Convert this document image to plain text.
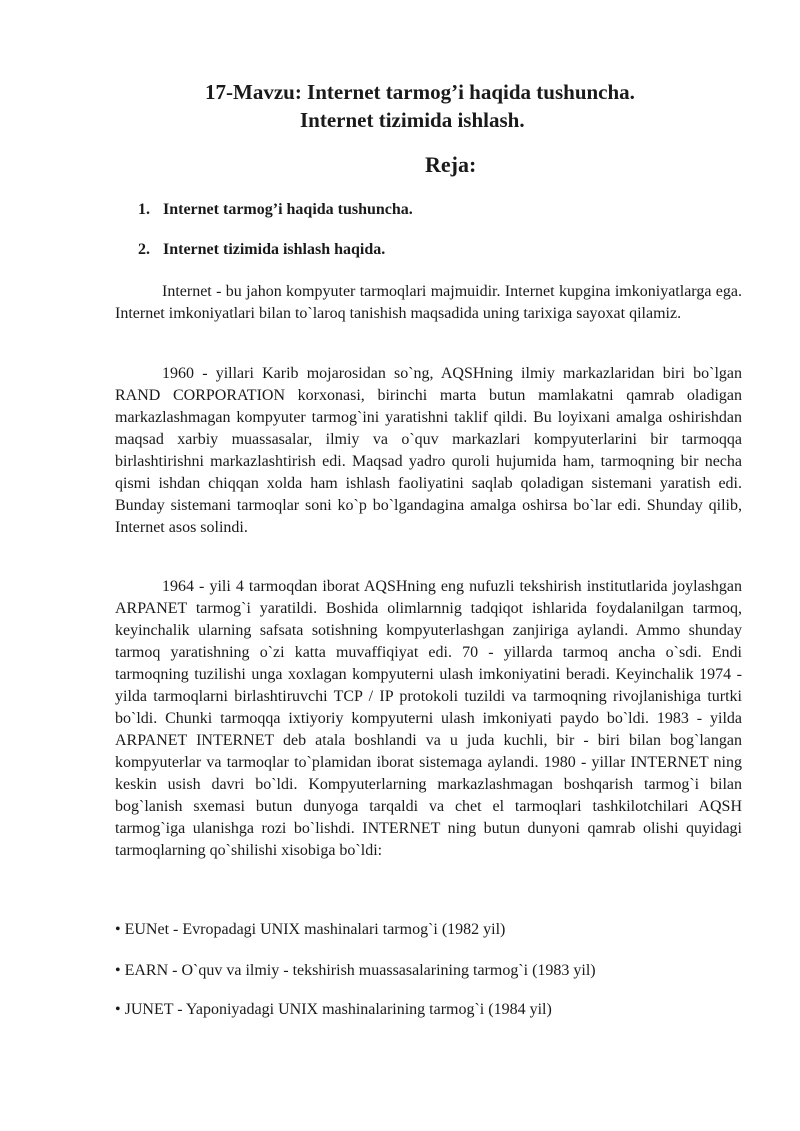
17-Mavzu: Internet tarmog’i haqida tushuncha.
Internet tizimida ishlash.
Reja:
1. Internet tarmog’i haqida tushuncha.
2. Internet tizimida ishlash haqida.

Internet - bu jahon kompyuter tarmoqlari majmuidir. Internet kupgina imkoniyatlarga ega. Internet imkoniyatlari bilan to`laroq tanishish maqsadida uning tarixiga sayoxat qilamiz.

1960 - yillari Karib mojarosidan so`ng, AQSHning ilmiy markazlaridan biri bo`lgan RAND CORPORATION korxonasi, birinchi marta butun mamlakatni qamrab oladigan markazlashmagan kompyuter tarmog`ini yaratishni taklif qildi. Bu loyixani amalga oshirishdan maqsad xarbiy muassasalar, ilmiy va o`quv markazlari kompyuterlarini bir tarmoqqa birlashtirishni markazlashtirish edi. Maqsad yadro quroli hujumida ham, tarmoqning bir necha qismi ishdan chiqqan xolda ham ishlash faoliyatini saqlab qoladigan sistemani yaratish edi. Bunday sistemani tarmoqlar soni ko`p bo`lgandagina amalga oshirsa bo`lar edi. Shunday qilib, Internet asos solindi.

1964 - yili 4 tarmoqdan iborat AQSHning eng nufuzli tekshirish institutlarida joylashgan ARPANET tarmog`i yaratildi. Boshida olimlarnnig tadqiqot ishlarida foydalanilgan tarmoq, keyinchalik ularning safsata sotishning kompyuterlashgan zanjiriga aylandi. Ammo shunday tarmoq yaratishning o`zi katta muvaffiqiyat edi. 70 - yillarda tarmoq ancha o`sdi. Endi tarmoqning tuzilishi unga xoxlagan kompyuterni ulash imkoniyatini beradi. Keyinchalik 1974 - yilda tarmoqlarni birlashtiruvchi TCP / IP protokoli tuzildi va tarmoqning rivojlanishiga turtki bo`ldi. Chunki tarmoqqa ixtiyoriy kompyuterni ulash imkoniyati paydo bo`ldi. 1983 - yilda ARPANET INTERNET deb atala boshlandi va u juda kuchli, bir - biri bilan bog`langan kompyuterlar va tarmoqlar to`plamidan iborat sistemaga aylandi. 1980 - yillar INTERNET ning keskin usish davri bo`ldi. Kompyuterlarning markazlashmagan boshqarish tarmog`i bilan bog`lanish sxemasi butun dunyoga tarqaldi va chet el tarmoqlari tashkilotchilari AQSH tarmog`iga ulanishga rozi bo`lishdi. INTERNET ning butun dunyoni qamrab olishi quyidagi tarmoqlarning qo`shilishi xisobiga bo`ldi:

• EUNet - Evropadagi UNIX mashinalari tarmog`i (1982 yil)
• EARN - O`quv va ilmiy - tekshirish muassasalarining tarmog`i (1983 yil)
• JUNET - Yaponiyadagi UNIX mashinalarining tarmog`i (1984 yil)
